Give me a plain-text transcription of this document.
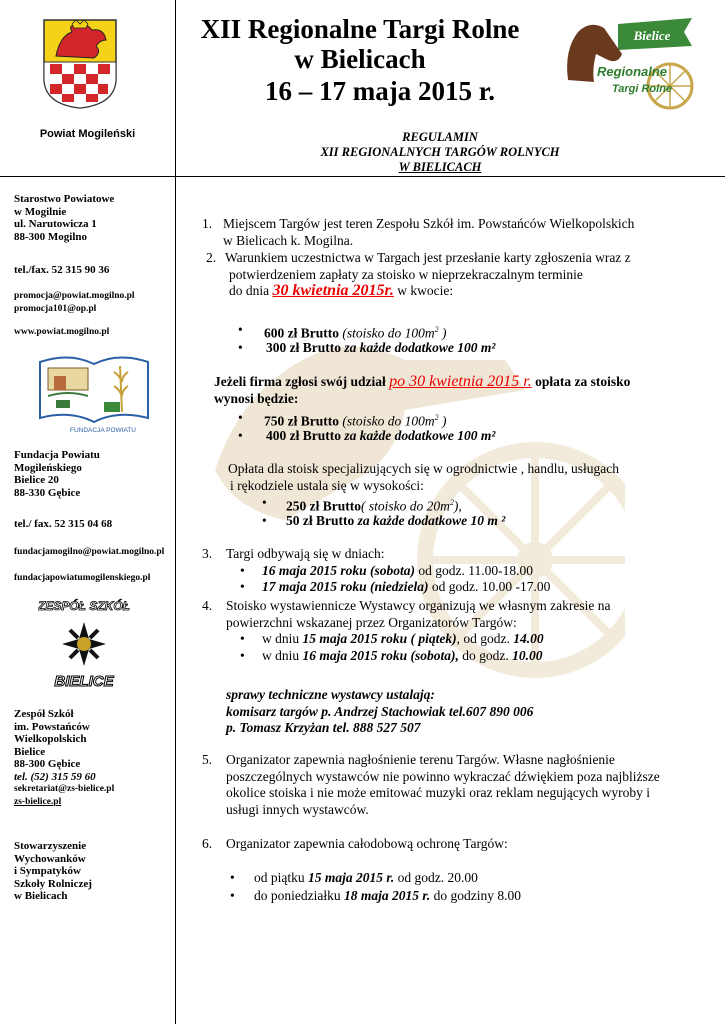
Powiat Mogileński
XII Regionalne Targi Rolne
w Bielicach
16 – 17 maja 2015 r.
Bielice
Regionalne
Targi Rolne
REGULAMIN
XII REGIONALNYCH TARGÓW ROLNYCH
W BIELICACH
Starostwo Powiatowe
w Mogilnie
ul. Narutowicza 1
88-300 Mogilno
tel./fax. 52 315 90 36
promocja@powiat.mogilno.pl
promocja101@op.pl
www.powiat.mogilno.pl
FUNDACJA POWIATU
Fundacja Powiatu
Mogileńskiego
Bielice 20
88-330 Gębice
tel./ fax. 52 315 04 68
fundacjamogilno@powiat.mogilno.pl
fundacjapowiatumogilenskiego.pl
ZESPÓŁ SZKÓŁ
BIELICE
Zespół Szkół
im. Powstańców
Wielkopolskich
Bielice
88-300 Gębice
tel. (52) 315 59 60
sekretariat@zs-bielice.pl
zs-bielice.pl
Stowarzyszenie
Wychowanków
i Sympatyków
Szkoły Rolniczej
w Bielicach
1. Miejscem Targów jest teren Zespołu Szkół im. Powstańców Wielkopolskich
w Bielicach k. Mogilna.
2. Warunkiem uczestnictwa w Targach jest przesłanie karty zgłoszenia wraz z
potwierdzeniem zapłaty za stoisko w nieprzekraczalnym terminie
do dnia 30 kwietnia 2015r. w kwocie:
• 600 zł Brutto (stoisko do $100m^2$ )
• 300 zł Brutto za każde dodatkowe 100 m²
Jeżeli firma zgłosi swój udział po 30 kwietnia 2015 r. opłata za stoisko
wynosi będzie:
• 750 zł Brutto (stoisko do $100m^2$ )
• 400 zł Brutto za każde dodatkowe 100 m²
Opłata dla stoisk specjalizujących się w ogrodnictwie , handlu, usługach
i rękodziele ustala się w wysokości:
• 250 zł Brutto( stoisko do $20m^2$),
• 50 zł Brutto za każde dodatkowe 10 m ²
3.	Targi odbywają się w dniach:
• 16 maja 2015 roku (sobota) od godz. 11.00-18.00
• 17 maja 2015 roku (niedziela) od godz. 10.00 -17.00
4.	Stoisko wystawiennicze Wystawcy organizują we własnym zakresie na
powierzchni wskazanej przez Organizatorów Targów:
• w dniu 15 maja 2015 roku ( piątek), od godz. 14.00
• w dniu 16 maja 2015 roku (sobota), do godz. 10.00
sprawy techniczne wystawcy ustalają:
komisarz targów p. Andrzej Stachowiak tel.607 890 006
p. Tomasz Krzyżan tel. 888 527 507
5.	Organizator zapewnia nagłośnienie terenu Targów. Własne nagłośnienie
poszczególnych wystawców nie powinno wykraczać dźwiękiem poza najbliższe
okolice stoiska i nie może emitować muzyki oraz reklam negujących wyroby i
usługi innych wystawców.
6.	Organizator zapewnia całodobową ochronę Targów:
• od piątku 15 maja 2015 r. od godz. 20.00
• do poniedziałku 18 maja 2015 r. do godziny 8.00
